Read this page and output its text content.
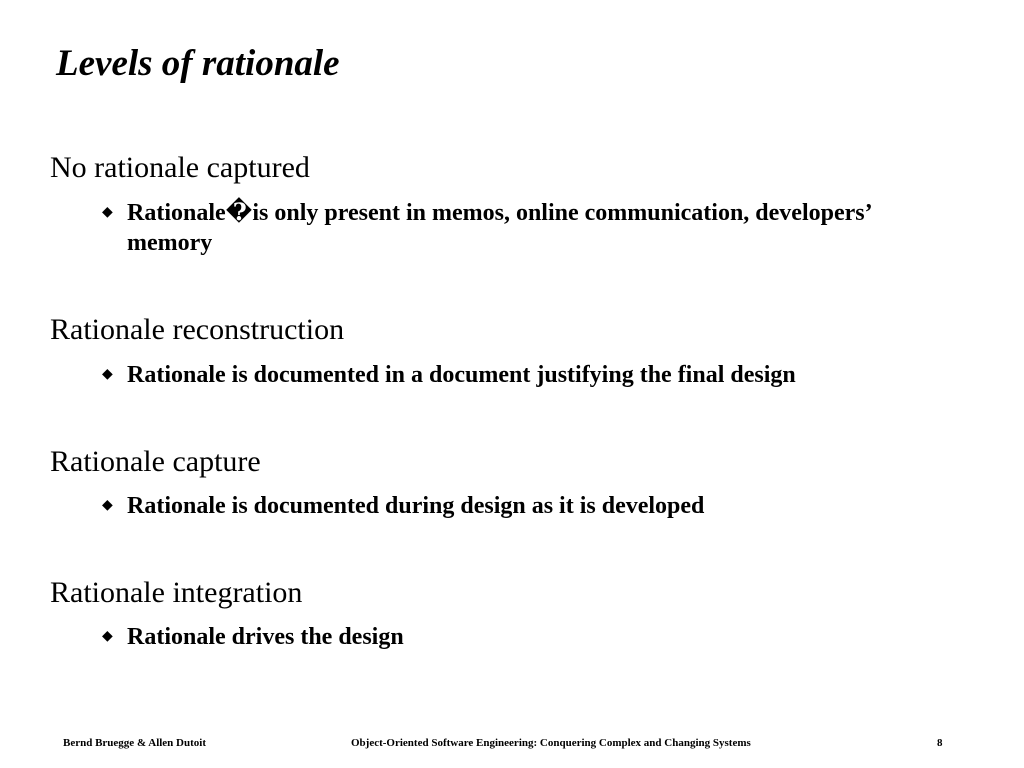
Levels of rationale
No rationale captured
◆ Rationale�is only present in memos, online communication, developers’ memory
Rationale reconstruction
◆ Rationale is documented in a document justifying the final design
Rationale capture
◆ Rationale is documented during design as it is developed
Rationale integration
◆ Rationale drives the design
Bernd Bruegge & Allen Dutoit	Object-Oriented Software Engineering: Conquering Complex and Changing Systems	8
